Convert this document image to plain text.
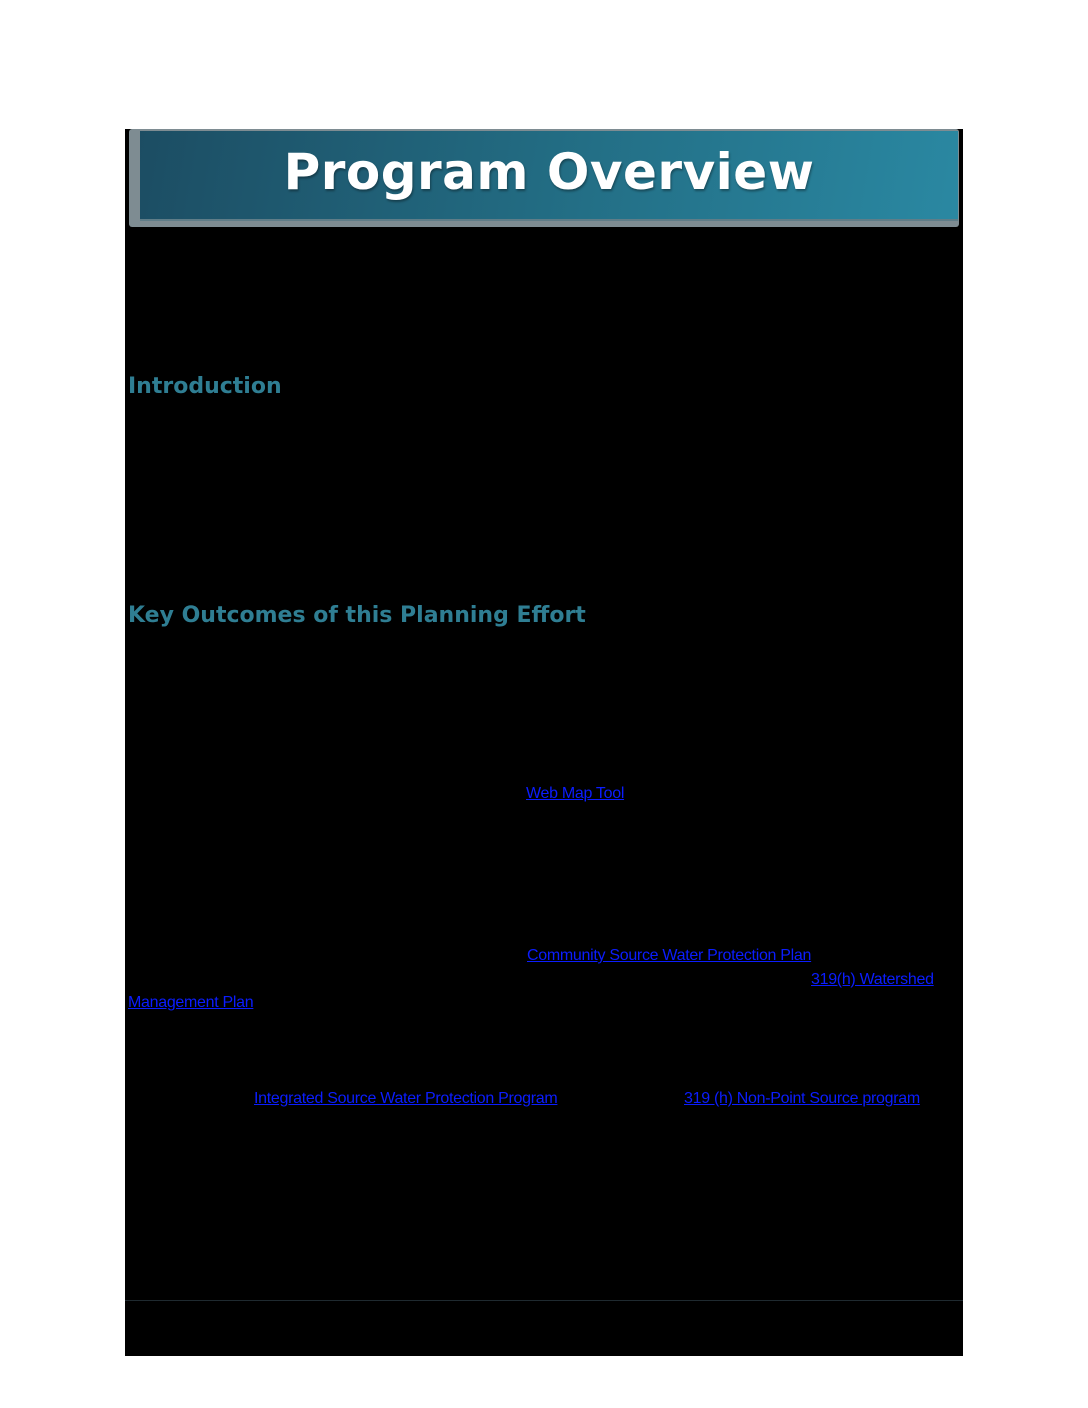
Program Overview
Introduction
Key Outcomes of this Planning Effort
Web Map Tool
Community Source Water Protection Plan
319(h) Watershed
Management Plan
Integrated Source Water Protection Program	319 (h) Non-Point Source program
